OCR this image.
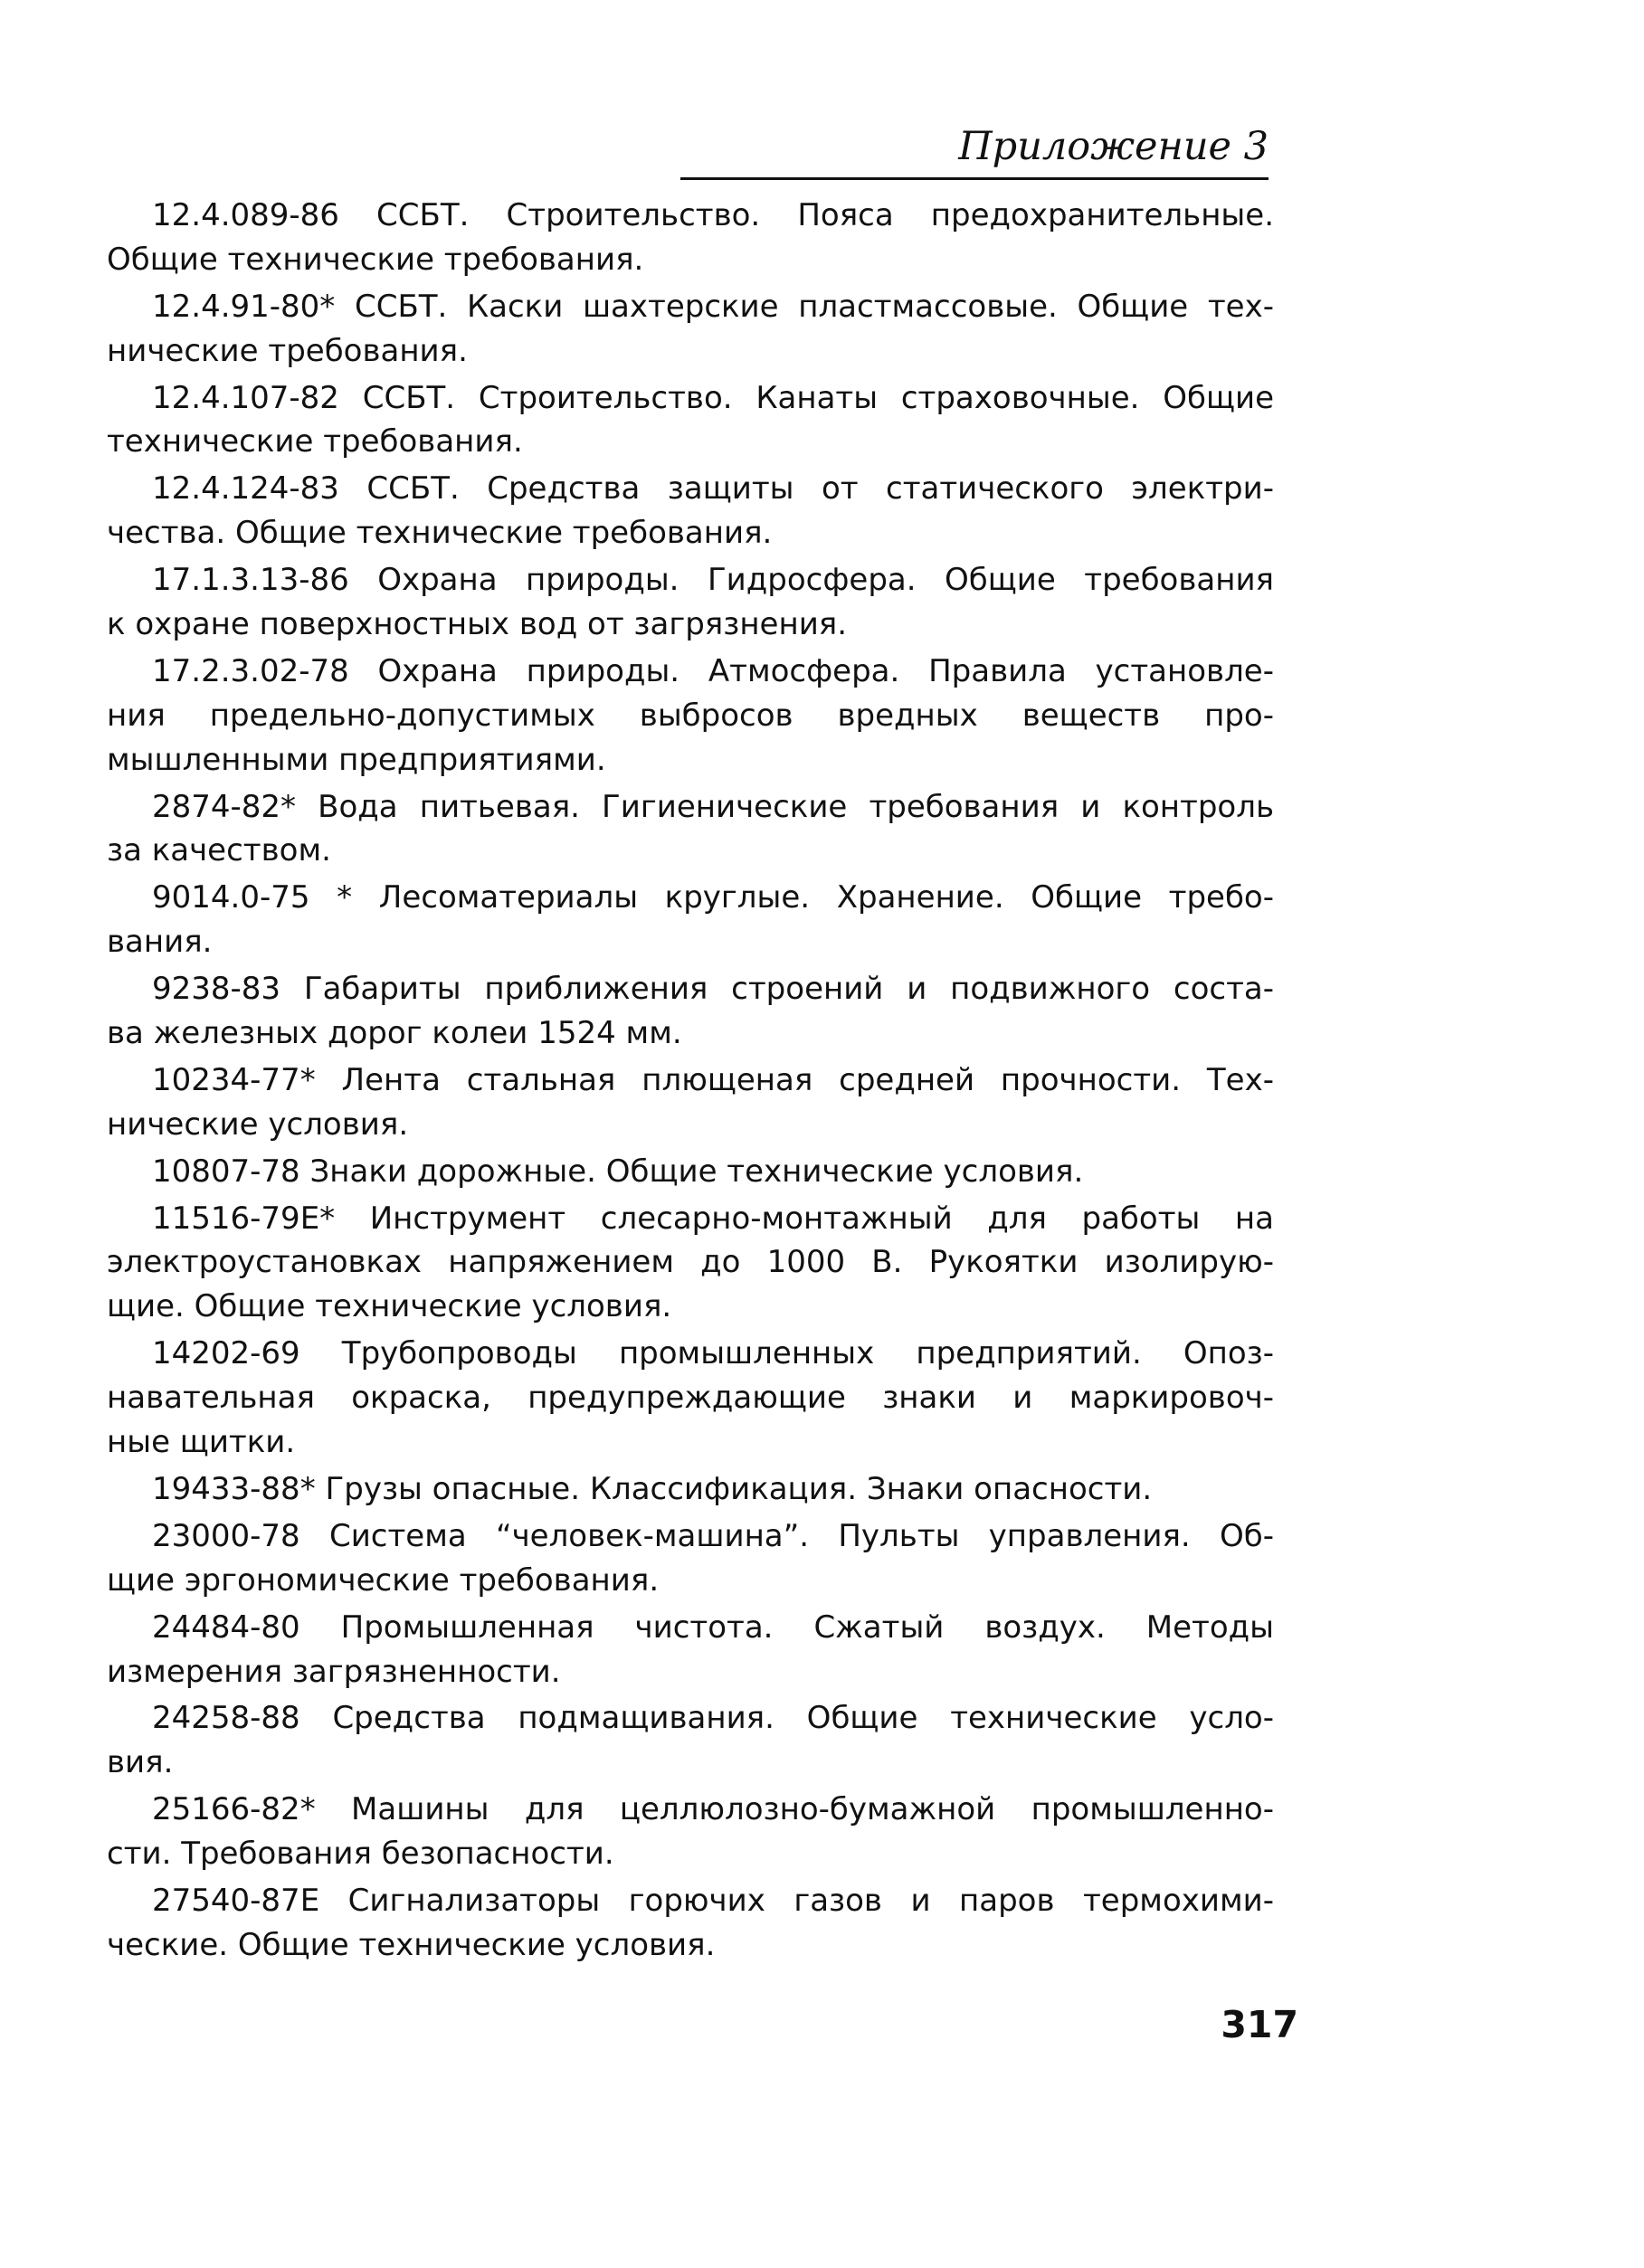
Приложение 3
12.4.089-86 ССБТ. Строительство. Пояса предохранительные.
Общие технические требования.
12.4.91-80* ССБТ. Каски шахтерские пластмассовые. Общие тех-
нические требования.
12.4.107-82 ССБТ. Строительство. Канаты страховочные. Общие
технические требования.
12.4.124-83 ССБТ. Средства защиты от статического электри-
чества. Общие технические требования.
17.1.3.13-86 Охрана природы. Гидросфера. Общие требования
к охране поверхностных вод от загрязнения.
17.2.3.02-78 Охрана природы. Атмосфера. Правила установле-
ния предельно-допустимых выбросов вредных веществ про-
мышленными предприятиями.
2874-82* Вода питьевая. Гигиенические требования и контроль
за качеством.
9014.0-75 * Лесоматериалы круглые. Хранение. Общие требо-
вания.
9238-83 Габариты приближения строений и подвижного соста-
ва железных дорог колеи 1524 мм.
10234-77* Лента стальная плющеная средней прочности. Тех-
нические условия.
10807-78 Знаки дорожные. Общие технические условия.
11516-79Е* Инструмент слесарно-монтажный для работы на
электроустановках напряжением до 1000 В. Рукоятки изолирую-
щие. Общие технические условия.
14202-69 Трубопроводы промышленных предприятий. Опоз-
навательная окраска, предупреждающие знаки и маркировоч-
ные щитки.
19433-88* Грузы опасные. Классификация. Знаки опасности.
23000-78 Система “человек-машина”. Пульты управления. Об-
щие эргономические требования.
24484-80 Промышленная чистота. Сжатый воздух. Методы
измерения загрязненности.
24258-88 Средства подмащивания. Общие технические усло-
вия.
25166-82* Машины для целлюлозно-бумажной промышленно-
сти. Требования безопасности.
27540-87Е Сигнализаторы горючих газов и паров термохими-
ческие. Общие технические условия.
317
